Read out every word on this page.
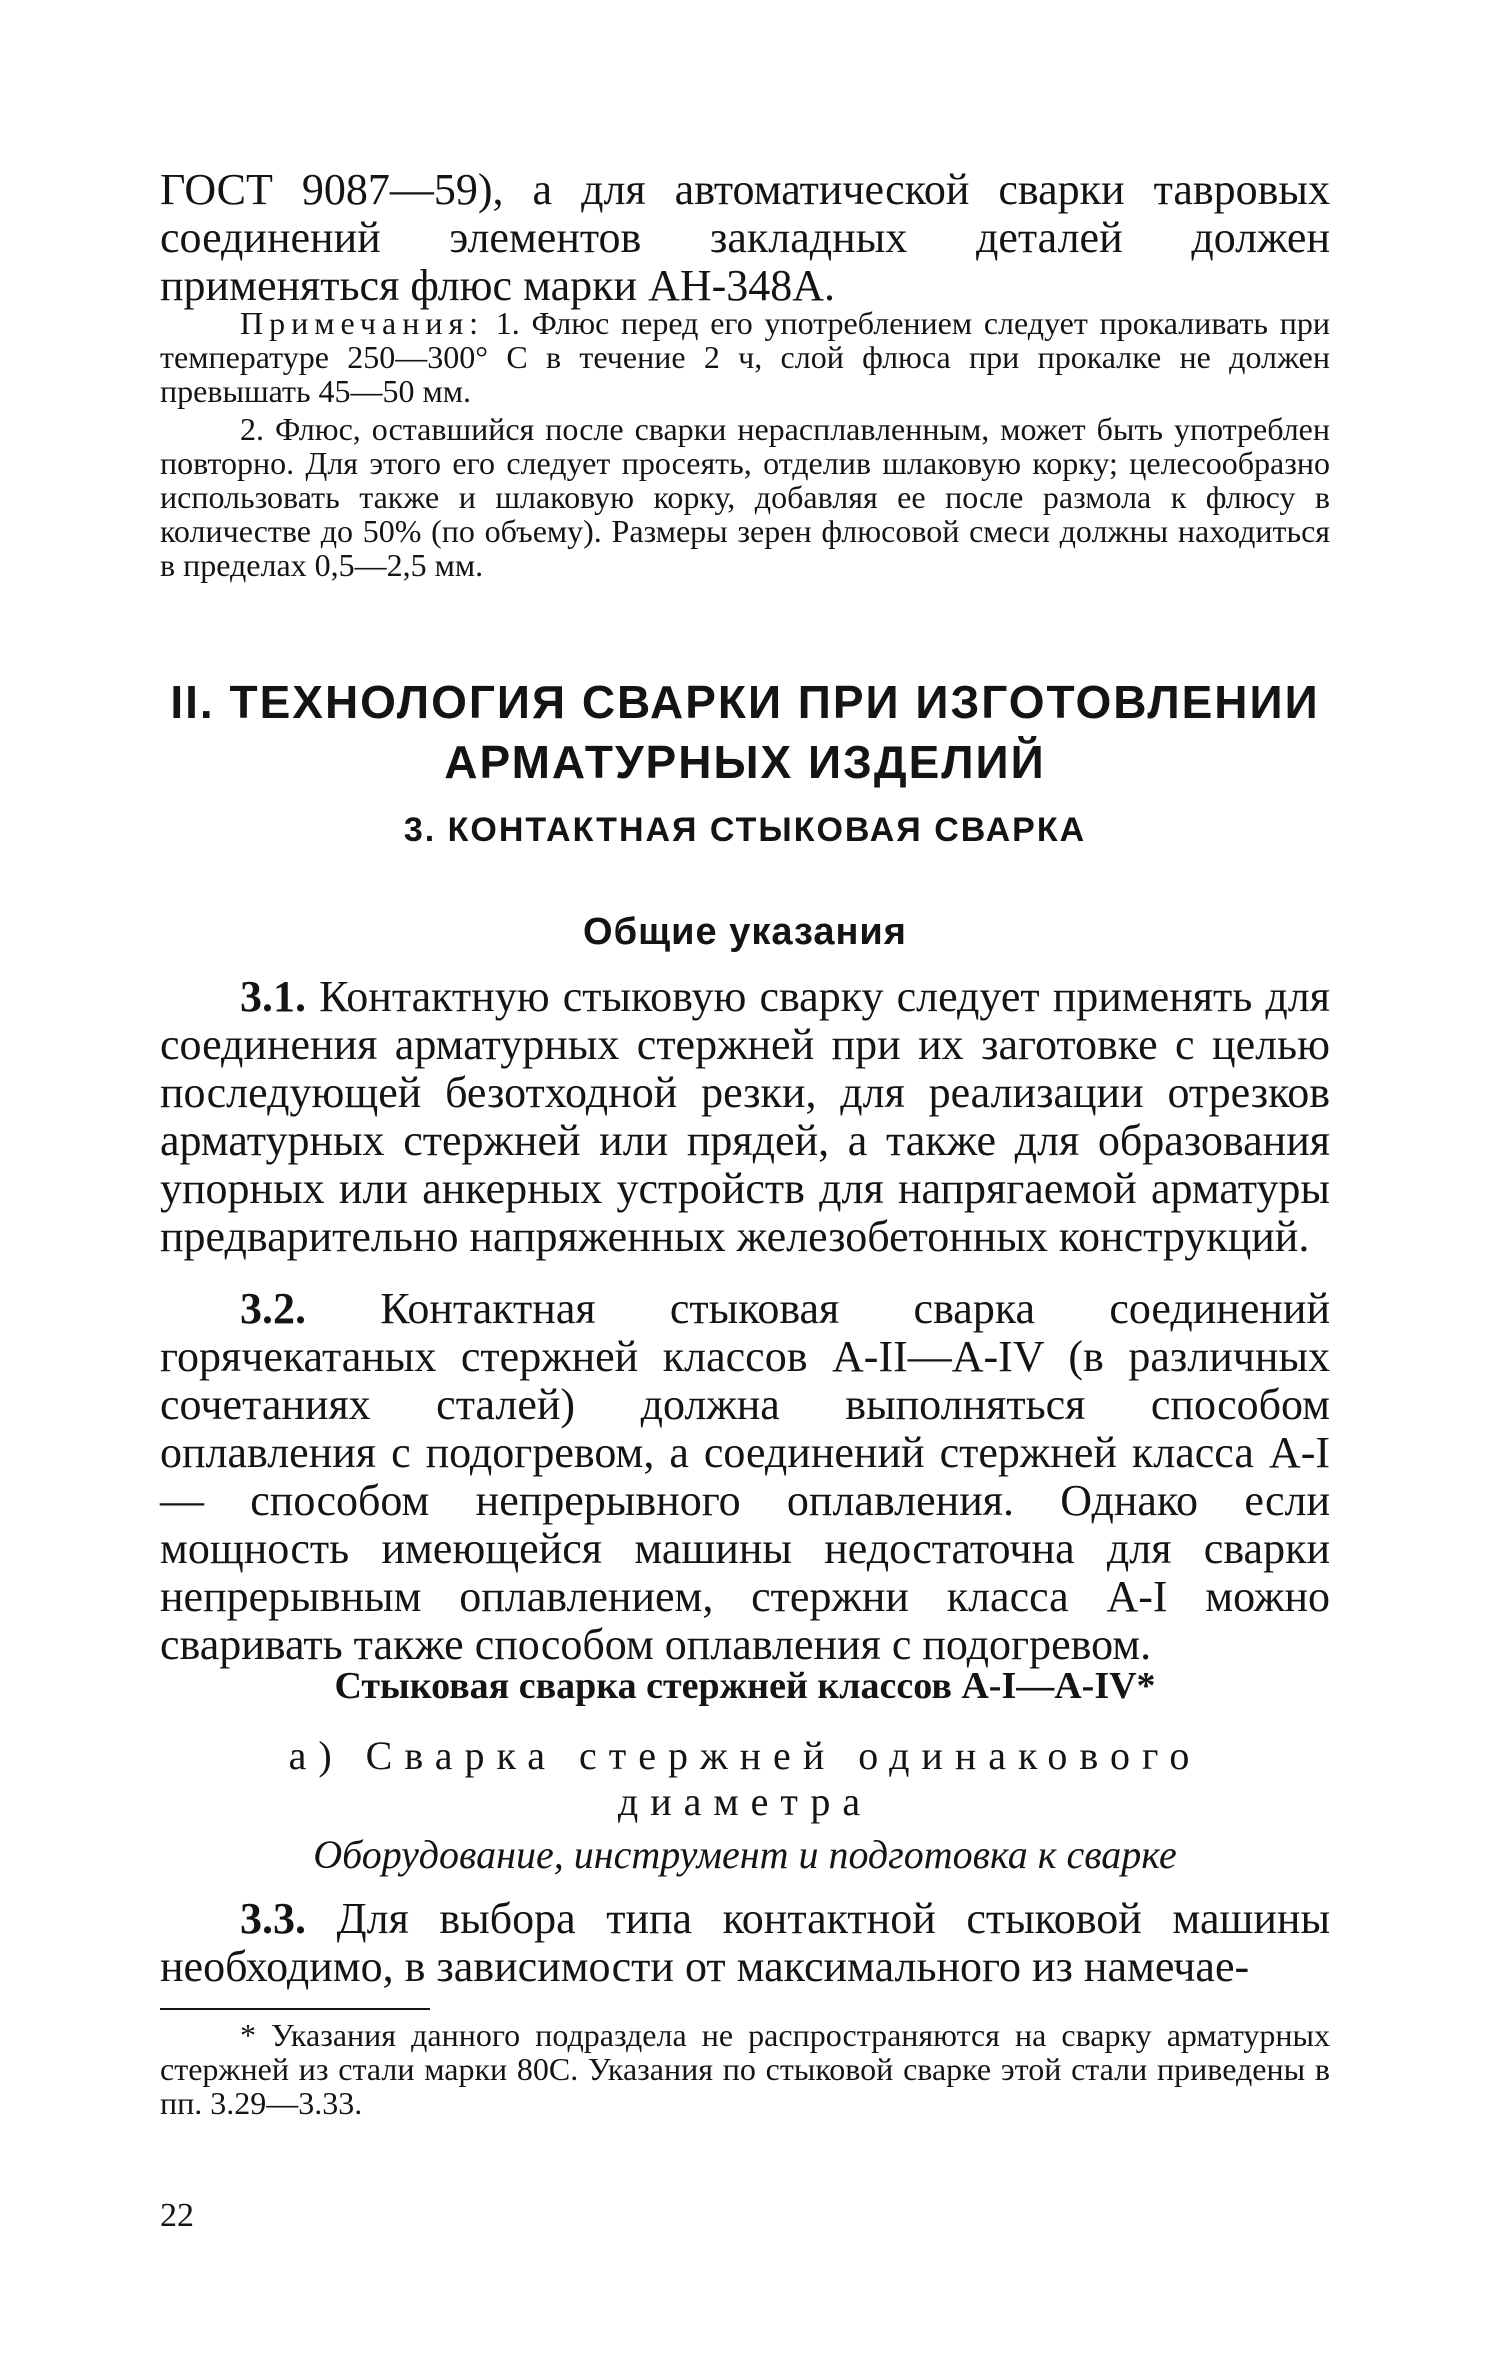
ГОСТ 9087—59), а для автоматической сварки тавровых
соединений элементов закладных деталей должен применяться флюс марки АН-348А.

Примечания: 1. Флюс перед его употреблением следует прокаливать при температуре 250—300° С в течение 2 ч, слой флюса при прокалке не должен превышать 45—50 мм.

2. Флюс, оставшийся после сварки нерасплавленным, может быть употреблен повторно. Для этого его следует просеять, отделив шлаковую корку; целесообразно использовать также и шлаковую корку, добавляя ее после размола к флюсу в количестве до 50% (по объему). Размеры зерен флюсовой смеси должны находиться в пределах 0,5—2,5 мм.

II. ТЕХНОЛОГИЯ СВАРКИ ПРИ ИЗГОТОВЛЕНИИ
АРМАТУРНЫХ ИЗДЕЛИЙ
3. КОНТАКТНАЯ СТЫКОВАЯ СВАРКА
Общие указания

3.1. Контактную стыковую сварку следует применять для соединения арматурных стержней при их заготовке с целью последующей безотходной резки, для реализации отрезков арматурных стержней или прядей, а также для образования упорных или анкерных устройств для напрягаемой арматуры предварительно напряженных железобетонных конструкций.

3.2. Контактная стыковая сварка соединений горячекатаных стержней классов А-II—А-IV (в различных сочетаниях сталей) должна выполняться способом оплавления с подогревом, а соединений стержней класса А-I— способом непрерывного оплавления. Однако если мощность имеющейся машины недостаточна для сварки непрерывным оплавлением, стержни класса А-I можно сваривать также способом оплавления с подогревом.

Стыковая сварка стержней классов А-I—А-IV*
а) Сварка стержней одинакового
диаметра
Оборудование, инструмент и подготовка к сварке

3.3. Для выбора типа контактной стыковой машины необходимо, в зависимости от максимального из намечае-

* Указания данного подраздела не распространяются на сварку арматурных стержней из стали марки 80С. Указания по стыковой сварке этой стали приведены в пп. 3.29—3.33.

22
